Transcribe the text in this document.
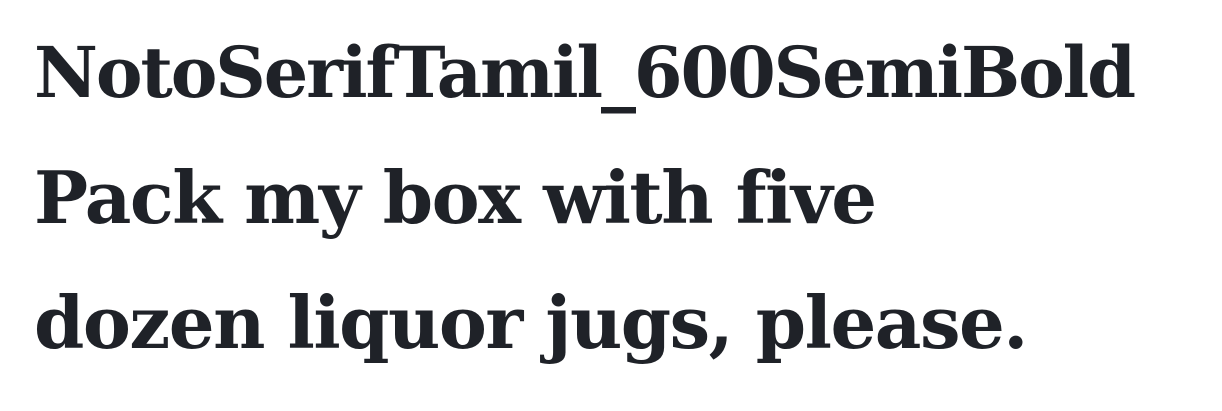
NotoSerifTamil_600SemiBold
Pack my box with five
dozen liquor jugs, please.
